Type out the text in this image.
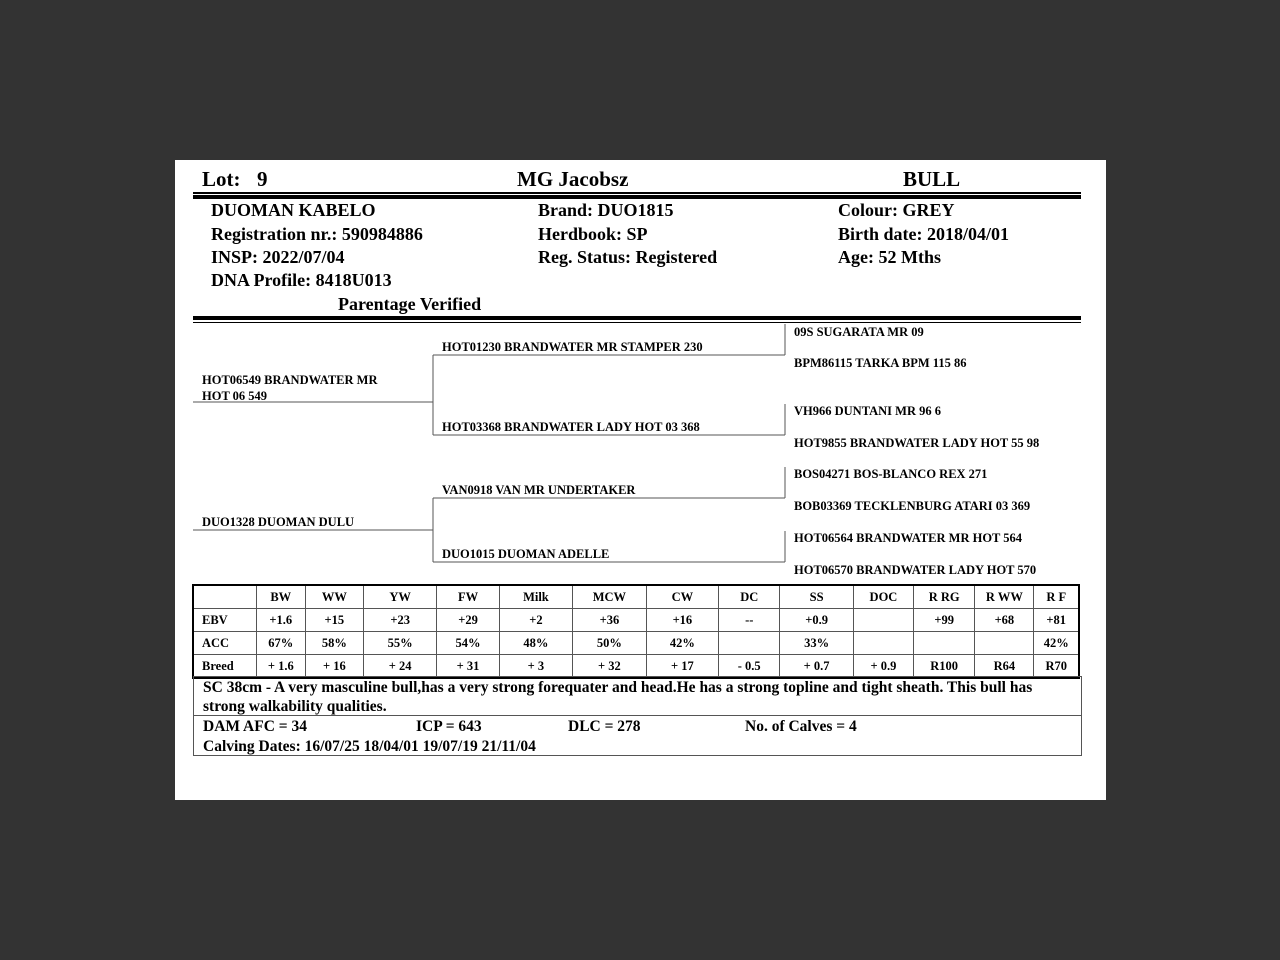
Lot: 9	MG Jacobsz	BULL
DUOMAN KABELO
Registration nr.: 590984886
INSP: 2022/07/04
DNA Profile: 8418U013
Parentage Verified
Brand: DUO1815
Herdbook: SP
Reg. Status: Registered
Colour: GREY
Birth date: 2018/04/01
Age: 52 Mths
HOT06549 BRANDWATER MR
HOT 06 549
DUO1328 DUOMAN DULU
HOT01230 BRANDWATER MR STAMPER 230
HOT03368 BRANDWATER LADY HOT 03 368
VAN0918 VAN MR UNDERTAKER
DUO1015 DUOMAN ADELLE
09S SUGARATA MR 09
BPM86115 TARKA BPM 115 86
VH966 DUNTANI MR 96 6
HOT9855 BRANDWATER LADY HOT 55 98
BOS04271 BOS-BLANCO REX 271
BOB03369 TECKLENBURG ATARI 03 369
HOT06564 BRANDWATER MR HOT 564
HOT06570 BRANDWATER LADY HOT 570
	BW	WW	YW	FW	Milk	MCW	CW	DC	SS	DOC	R RG	R WW	R F
EBV	+1.6	+15	+23	+29	+2	+36	+16	--	+0.9		+99	+68	+81
ACC	67%	58%	55%	54%	48%	50%	42%		33%				42%
Breed	+ 1.6	+ 16	+ 24	+ 31	+ 3	+ 32	+ 17	- 0.5	+ 0.7	+ 0.9	R100	R64	R70
SC 38cm - A very masculine bull,has a very strong forequater and head.He has a strong topline and tight sheath. This bull has strong walkability qualities.
DAM AFC = 34	ICP = 643	DLC = 278	No. of Calves = 4
Calving Dates: 16/07/25 18/04/01 19/07/19 21/11/04
